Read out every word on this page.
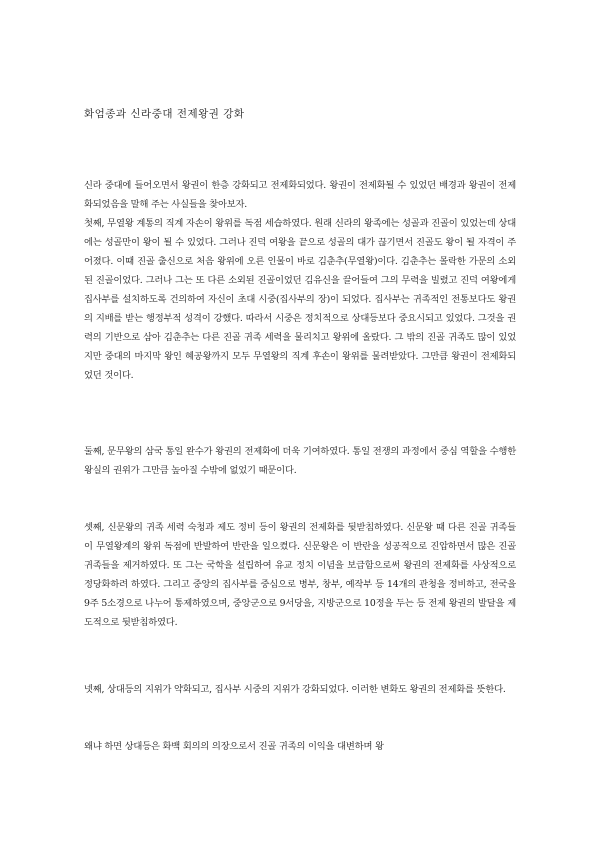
화엄종과 신라중대 전제왕권 강화

신라 중대에 들어오면서 왕권이 한층 강화되고 전제화되었다. 왕권이 전제화될 수 있었던 배경과 왕권이 전제화되었음을 말해 주는 사실들을 찾아보자.

첫째, 무열왕 계통의 직계 자손이 왕위를 독점 세습하였다. 원래 신라의 왕족에는 성골과 진골이 있었는데 상대에는 성골만이 왕이 될 수 있었다. 그러나 진덕 여왕을 끝으로 성골의 대가 끊기면서 진골도 왕이 될 자격이 주어졌다. 이때 진골 출신으로 처음 왕위에 오른 인물이 바로 김춘추(무열왕)이다. 김춘추는 몰락한 가문의 소외된 진골이었다. 그러나 그는 또 다른 소외된 진골이었던 김유신을 끌어들여 그의 무력을 빌렸고 진덕 여왕에게 집사부를 설치하도록 건의하여 자신이 초대 시중(집사부의 장)이 되었다. 집사부는 귀족적인 전통보다도 왕권의 지배를 받는 행정부적 성격이 강했다. 따라서 시중은 정치적으로 상대등보다 중요시되고 있었다. 그것을 권력의 기반으로 삼아 김춘추는 다른 진골 귀족 세력을 물리치고 왕위에 올랐다. 그 밖의 진골 귀족도 많이 있었지만 중대의 마지막 왕인 혜공왕까지 모두 무열왕의 직계 후손이 왕위를 물려받았다. 그만큼 왕권이 전제화되었던 것이다.

둘째, 문무왕의 삼국 통일 완수가 왕권의 전제화에 더욱 기여하였다. 통일 전쟁의 과정에서 중심 역할을 수행한 왕실의 권위가 그만큼 높아질 수밖에 없었기 때문이다.

셋째, 신문왕의 귀족 세력 숙청과 제도 정비 등이 왕권의 전제화를 뒷받침하였다. 신문왕 때 다른 진골 귀족들이 무열왕계의 왕위 독점에 반발하여 반란을 일으켰다. 신문왕은 이 반란을 성공적으로 진압하면서 많은 진골 귀족들을 제거하였다. 또 그는 국학을 설립하여 유교 정치 이념을 보급함으로써 왕권의 전제화를 사상적으로 정당화하려 하였다. 그리고 중앙의 집사부를 중심으로 병부, 창부, 예작부 등 14개의 관청을 정비하고, 전국을 9주 5소경으로 나누어 통제하였으며, 중앙군으로 9서당을, 지방군으로 10정을 두는 등 전제 왕권의 발달을 제도적으로 뒷받침하였다.

넷째, 상대등의 지위가 약화되고, 집사부 시중의 지위가 강화되었다. 이러한 변화도 왕권의 전제화를 뜻한다.

왜냐 하면 상대등은 화백 회의의 의장으로서 진골 귀족의 이익을 대변하며 왕
